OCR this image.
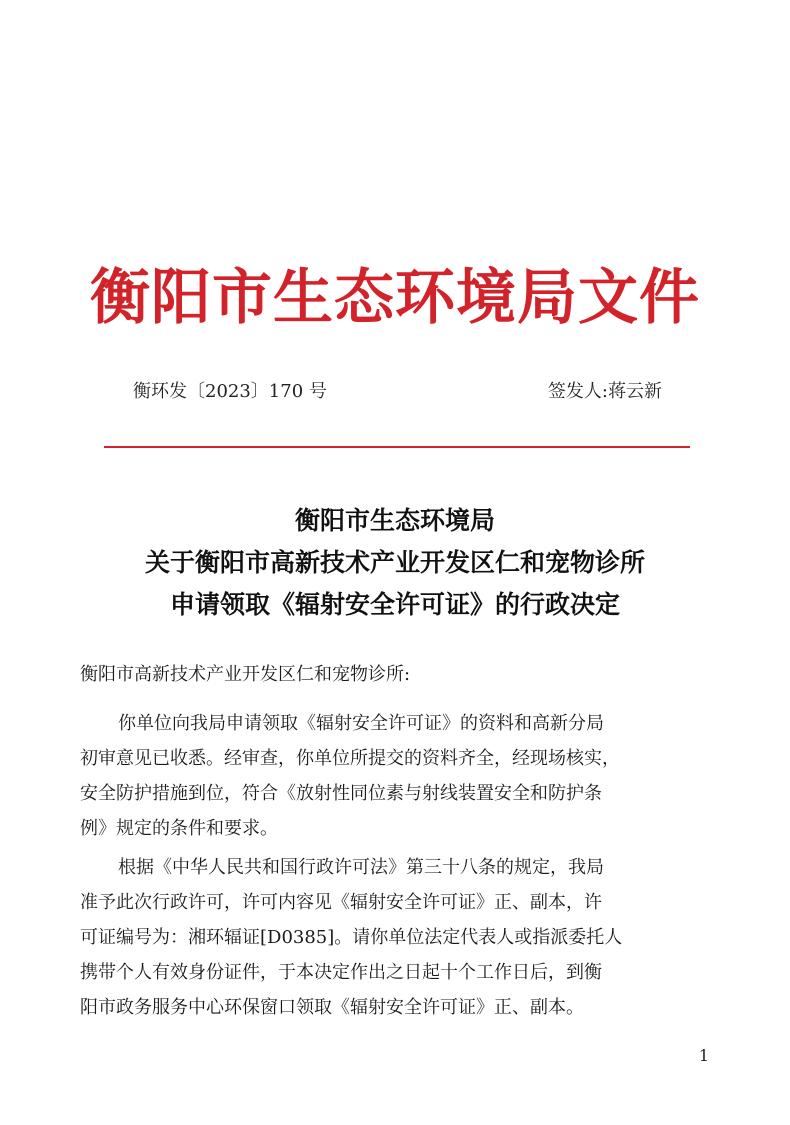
衡阳市生态环境局文件
衡环发〔2023〕170 号	签发人:蒋云新
衡阳市生态环境局
关于衡阳市高新技术产业开发区仁和宠物诊所
申请领取《辐射安全许可证》的行政决定
衡阳市高新技术产业开发区仁和宠物诊所:
你单位向我局申请领取《辐射安全许可证》的资料和高新分局
初审意见已收悉。经审查，你单位所提交的资料齐全，经现场核实，
安全防护措施到位，符合《放射性同位素与射线装置安全和防护条
例》规定的条件和要求。
根据《中华人民共和国行政许可法》第三十八条的规定，我局
准予此次行政许可，许可内容见《辐射安全许可证》正、副本，许
可证编号为：湘环辐证[D0385]。请你单位法定代表人或指派委托人
携带个人有效身份证件，于本决定作出之日起十个工作日后，到衡
阳市政务服务中心环保窗口领取《辐射安全许可证》正、副本。
1
